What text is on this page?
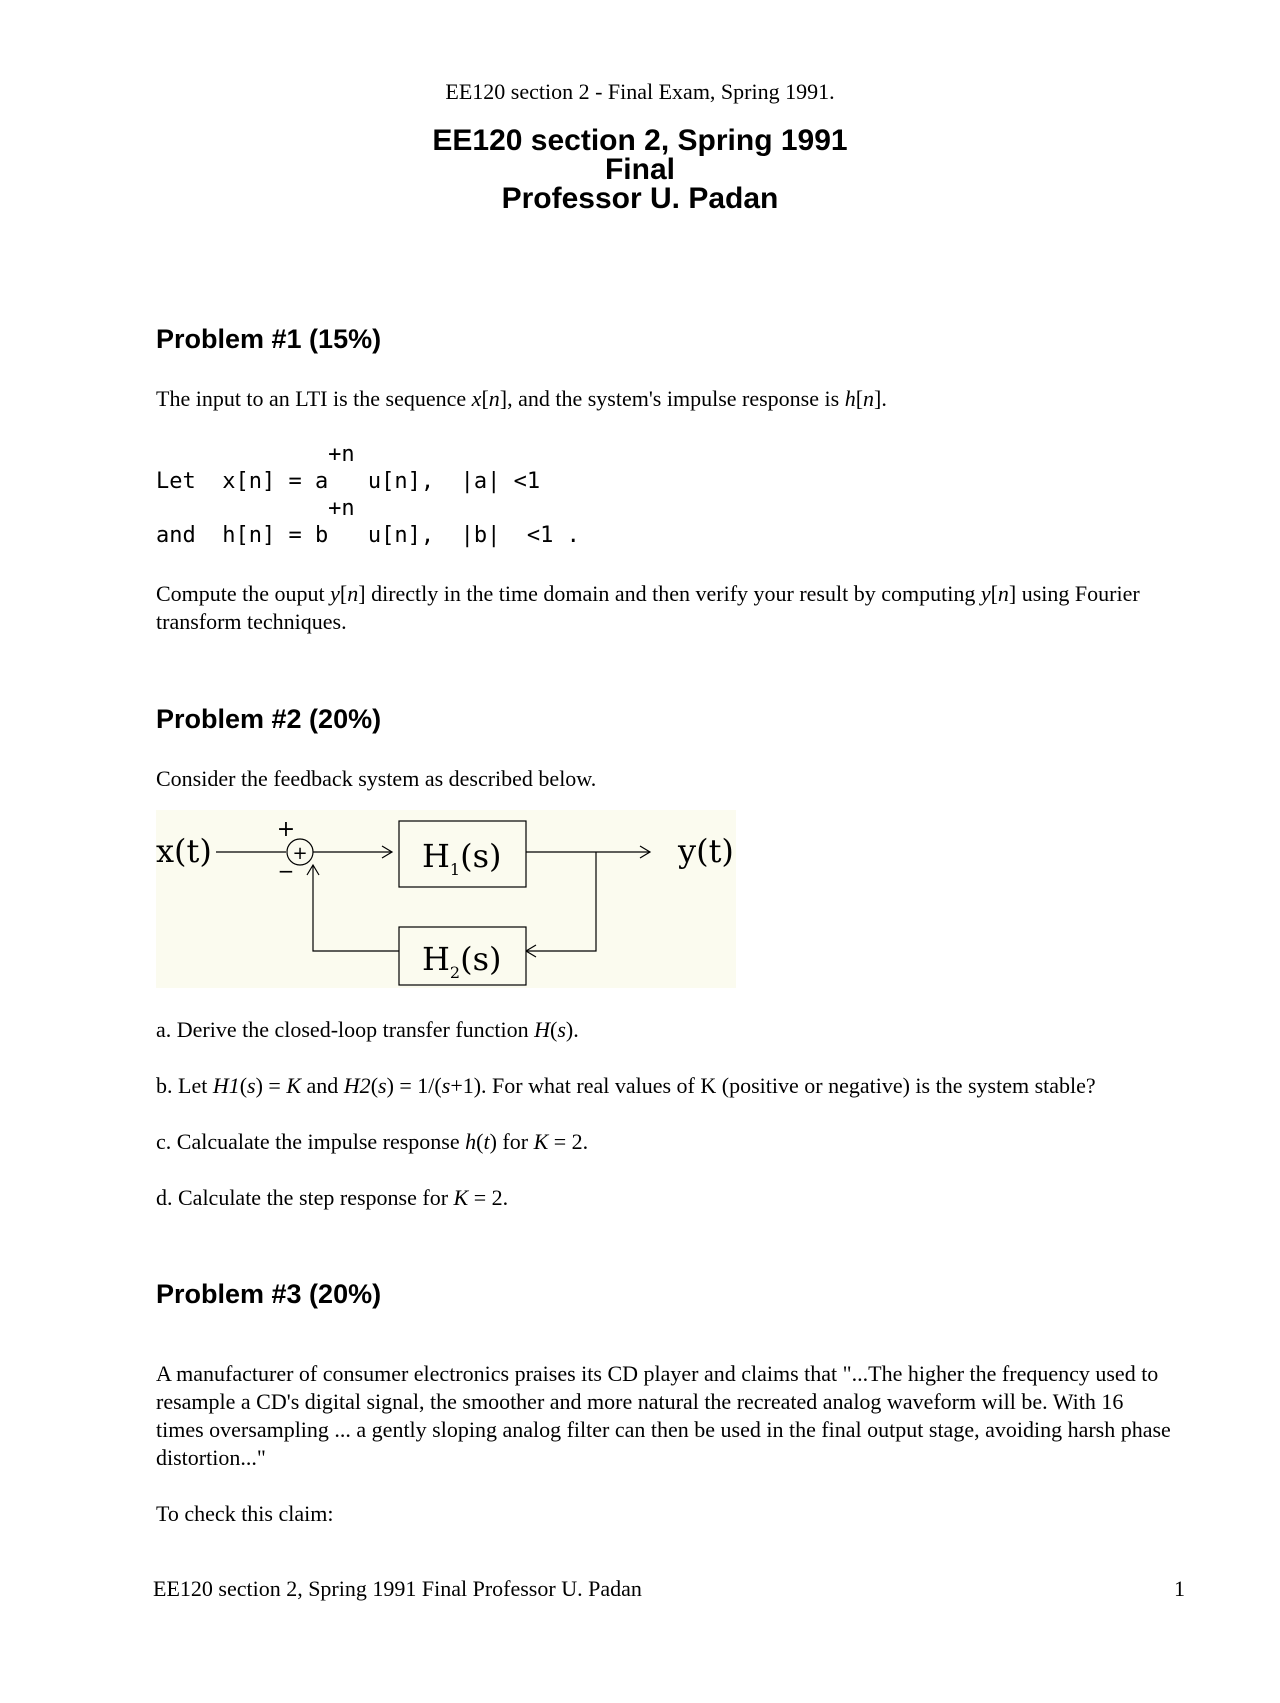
EE120 section 2 - Final Exam, Spring 1991.
EE120 section 2, Spring 1991
Final
Professor U. Padan
Problem #1 (15%)
The input to an LTI is the sequence x[n], and the system's impulse response is h[n].
+n
Let  x[n] = a   u[n],  |a| <1
+n
and  h[n] = b   u[n],  |b|  <1 .
Compute the ouput y[n] directly in the time domain and then verify your result by computing y[n] using Fourier transform techniques.
Problem #2 (20%)
Consider the feedback system as described below.
+
+
−	$H_1(s)$	y(t)
$H_2(s)$
x(t)
a. Derive the closed-loop transfer function H(s).
b. Let H1(s) = K and H2(s) = 1/(s+1). For what real values of K (positive or negative) is the system stable?
c. Calcualate the impulse response h(t) for K = 2.
d. Calculate the step response for K = 2.
Problem #3 (20%)
A manufacturer of consumer electronics praises its CD player and claims that "...The higher the frequency used to resample a CD's digital signal, the smoother and more natural the recreated analog waveform will be. With 16 times oversampling ... a gently sloping analog filter can then be used in the final output stage, avoiding harsh phase distortion..."
To check this claim:
EE120 section 2, Spring 1991 Final Professor U. Padan	1
